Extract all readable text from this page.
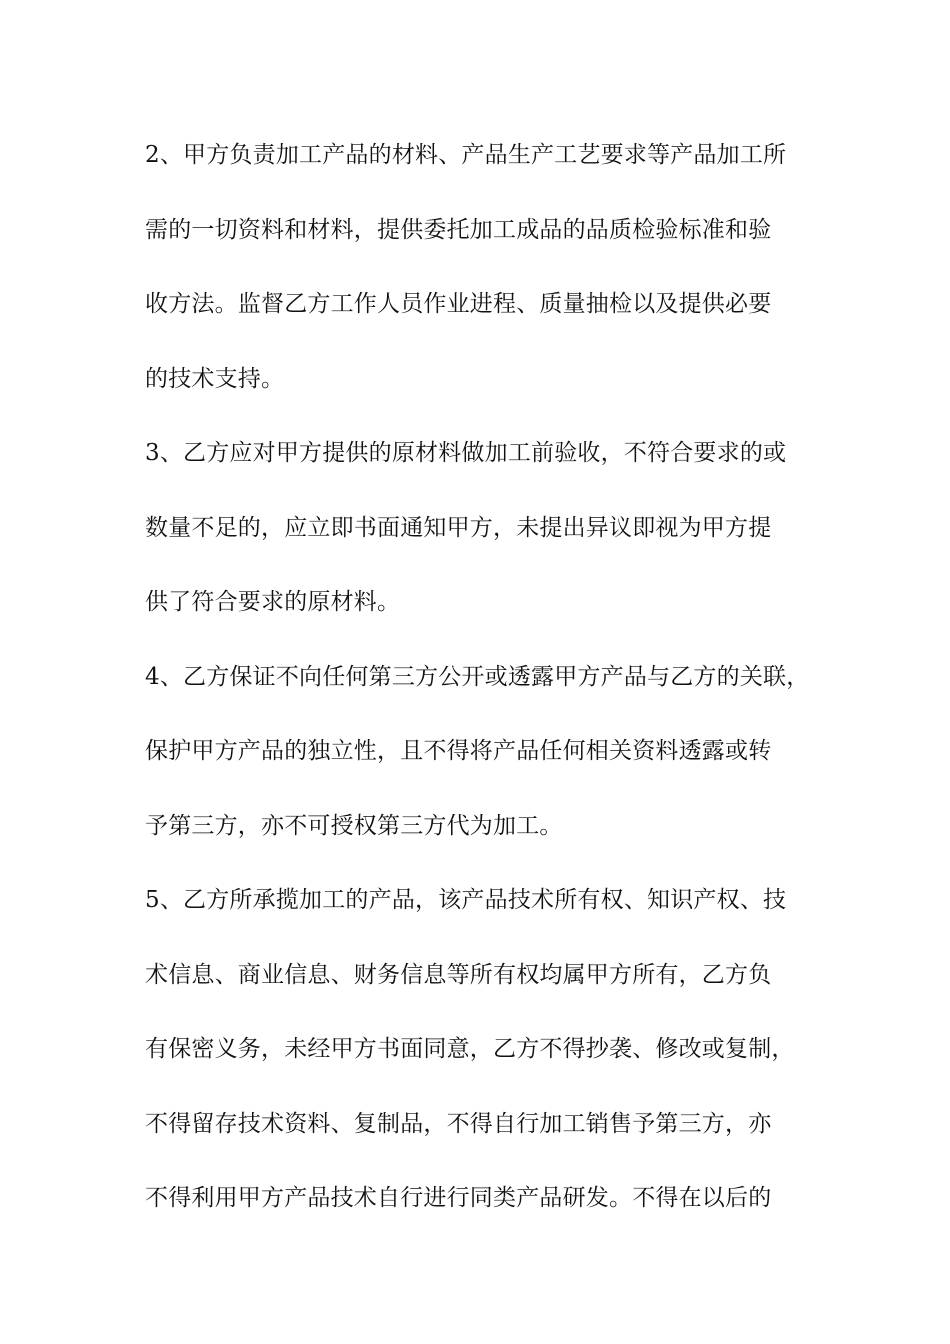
2、甲方负责加工产品的材料、产品生产工艺要求等产品加工所
需的一切资料和材料，提供委托加工成品的品质检验标准和验
收方法。监督乙方工作人员作业进程、质量抽检以及提供必要
的技术支持。
3、乙方应对甲方提供的原材料做加工前验收，不符合要求的或
数量不足的，应立即书面通知甲方，未提出异议即视为甲方提
供了符合要求的原材料。
4、乙方保证不向任何第三方公开或透露甲方产品与乙方的关联，
保护甲方产品的独立性，且不得将产品任何相关资料透露或转
予第三方，亦不可授权第三方代为加工。
5、乙方所承揽加工的产品，该产品技术所有权、知识产权、技
术信息、商业信息、财务信息等所有权均属甲方所有，乙方负
有保密义务，未经甲方书面同意，乙方不得抄袭、修改或复制，
不得留存技术资料、复制品，不得自行加工销售予第三方，亦
不得利用甲方产品技术自行进行同类产品研发。不得在以后的
